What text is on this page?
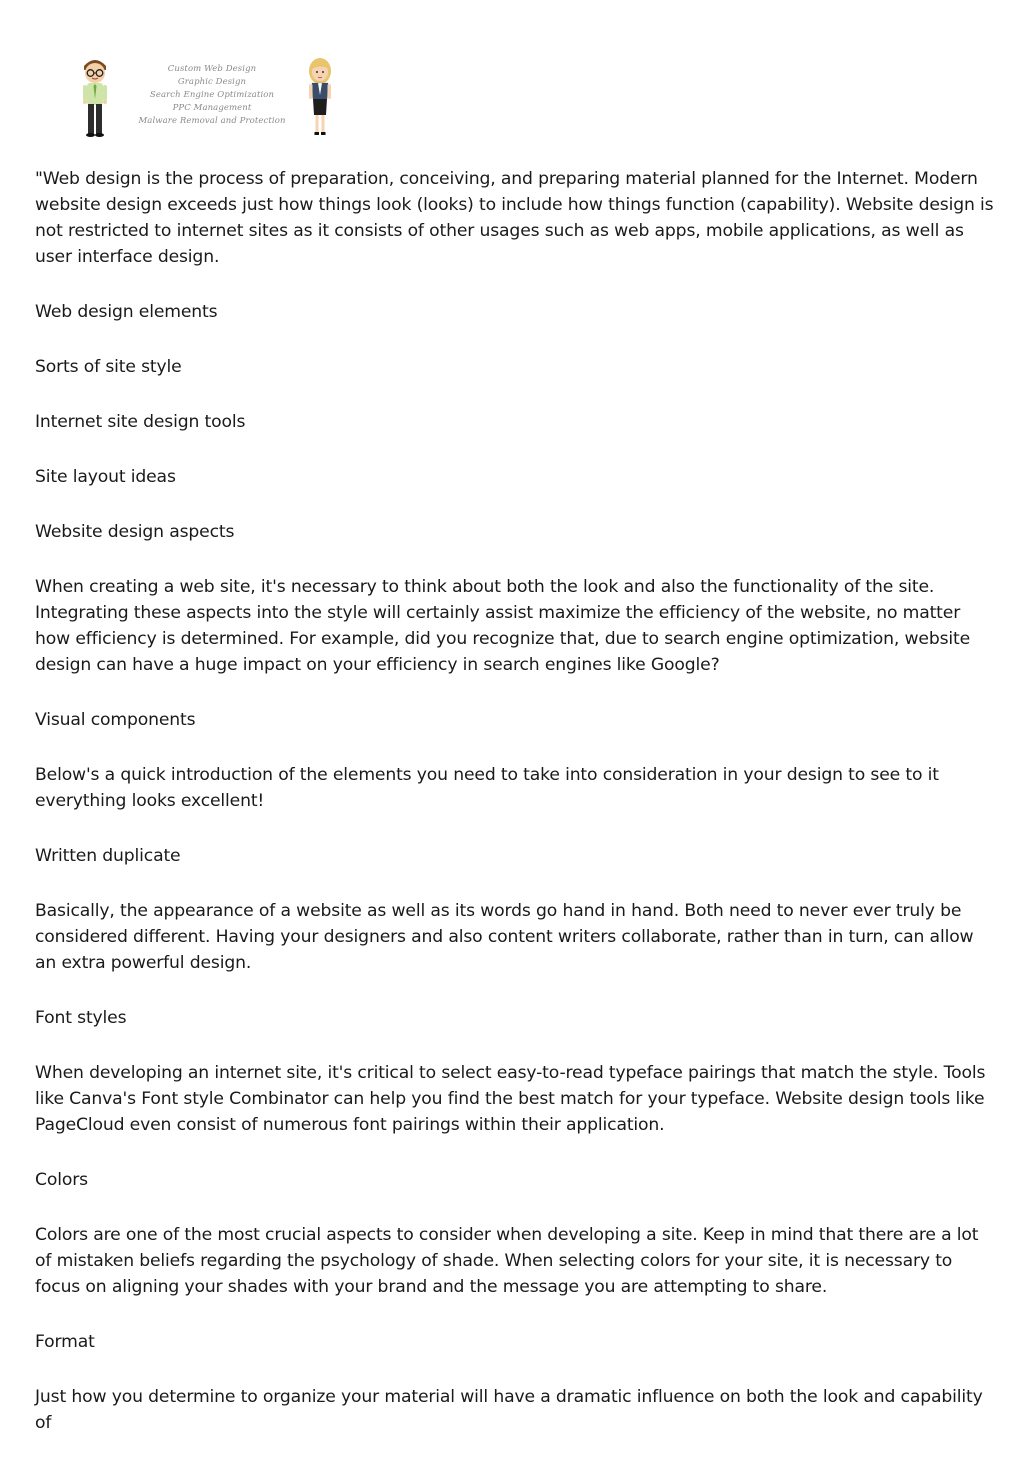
Custom Web Design
Graphic Design
Search Engine Optimization
PPC Management
Malware Removal and Protection

"Web design is the process of preparation, conceiving, and preparing material planned for the Internet. Modern website design exceeds just how things look (looks) to include how things function (capability). Website design is not restricted to internet sites as it consists of other usages such as web apps, mobile applications, as well as user interface design.

Web design elements

Sorts of site style

Internet site design tools

Site layout ideas

Website design aspects

When creating a web site, it's necessary to think about both the look and also the functionality of the site. Integrating these aspects into the style will certainly assist maximize the efficiency of the website, no matter how efficiency is determined. For example, did you recognize that, due to search engine optimization, website design can have a huge impact on your efficiency in search engines like Google?

Visual components

Below's a quick introduction of the elements you need to take into consideration in your design to see to it everything looks excellent!

Written duplicate

Basically, the appearance of a website as well as its words go hand in hand. Both need to never ever truly be considered different. Having your designers and also content writers collaborate, rather than in turn, can allow an extra powerful design.

Font styles

When developing an internet site, it's critical to select easy-to-read typeface pairings that match the style. Tools like Canva's Font style Combinator can help you find the best match for your typeface. Website design tools like PageCloud even consist of numerous font pairings within their application.

Colors

Colors are one of the most crucial aspects to consider when developing a site. Keep in mind that there are a lot of mistaken beliefs regarding the psychology of shade. When selecting colors for your site, it is necessary to focus on aligning your shades with your brand and the message you are attempting to share.

Format

Just how you determine to organize your material will have a dramatic influence on both the look and capability of
